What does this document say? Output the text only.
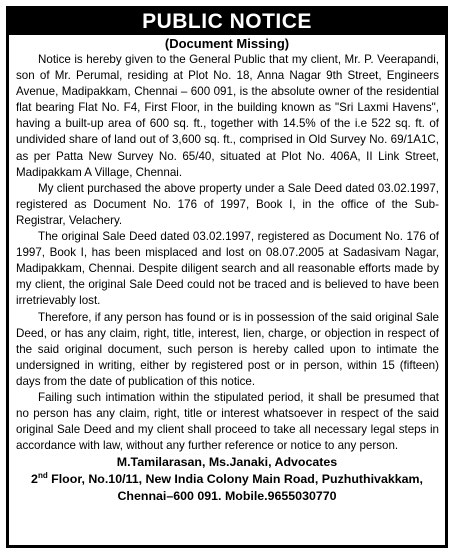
PUBLIC NOTICE
(Document Missing)

Notice is hereby given to the General Public that my client, Mr. P. Veerapandi, son of Mr. Perumal, residing at Plot No. 18, Anna Nagar 9th Street, Engineers Avenue, Madipakkam, Chennai – 600 091, is the absolute owner of the residential flat bearing Flat No. F4, First Floor, in the building known as "Sri Laxmi Havens", having a built-up area of 600 sq. ft., together with 14.5% of the i.e 522 sq. ft. of undivided share of land out of 3,600 sq. ft., comprised in Old Survey No. 69/1A1C, as per Patta New Survey No. 65/40, situated at Plot No. 406A, II Link Street, Madipakkam A Village, Chennai.

My client purchased the above property under a Sale Deed dated 03.02.1997, registered as Document No. 176 of 1997, Book I, in the office of the Sub-Registrar, Velachery.

The original Sale Deed dated 03.02.1997, registered as Document No. 176 of 1997, Book I, has been misplaced and lost on 08.07.2005 at Sadasivam Nagar, Madipakkam, Chennai. Despite diligent search and all reasonable efforts made by my client, the original Sale Deed could not be traced and is believed to have been irretrievably lost.

Therefore, if any person has found or is in possession of the said original Sale Deed, or has any claim, right, title, interest, lien, charge, or objection in respect of the said original document, such person is hereby called upon to intimate the undersigned in writing, either by registered post or in person, within 15 (fifteen) days from the date of publication of this notice.

Failing such intimation within the stipulated period, it shall be presumed that no person has any claim, right, title or interest whatsoever in respect of the said original Sale Deed and my client shall proceed to take all necessary legal steps in accordance with law, without any further reference or notice to any person.

M.Tamilarasan, Ms.Janaki, Advocates
2nd Floor, No.10/11, New India Colony Main Road, Puzhuthivakkam,
Chennai–600 091. Mobile.9655030770
